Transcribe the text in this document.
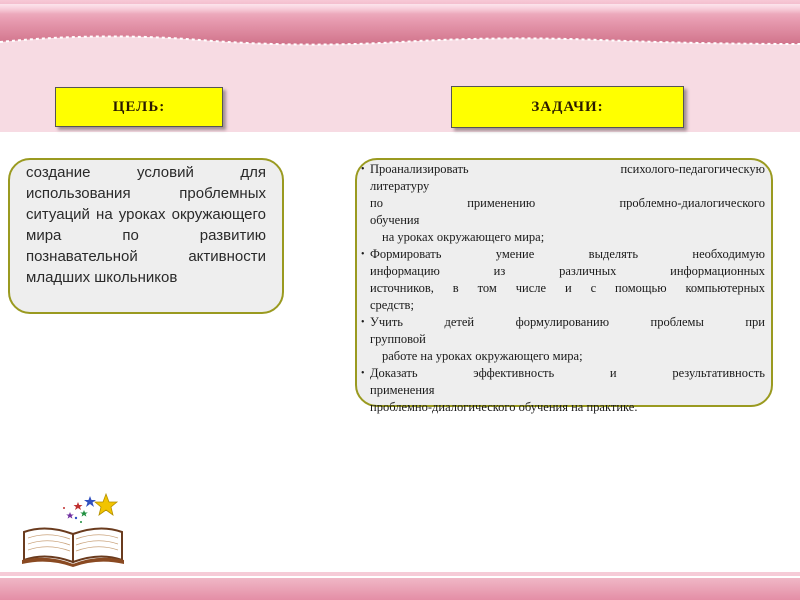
ЦЕЛЬ:	ЗАДАЧИ:
создание условий для использования проблемных ситуаций на уроках окружающего мира по развитию познавательной активности младших школьников
• Проанализировать психолого-педагогическую
литературу
по применению проблемно-диалогического
обучения
на уроках окружающего мира;
• Формировать умение выделять необходимую
информацию из различных информационных
источников, в том числе и с помощью компьютерных
средств;
• Учить детей формулированию проблемы при
групповой
работе на уроках окружающего мира;
• Доказать эффективность и результативность
применения
проблемно-диалогического обучения на практике.
